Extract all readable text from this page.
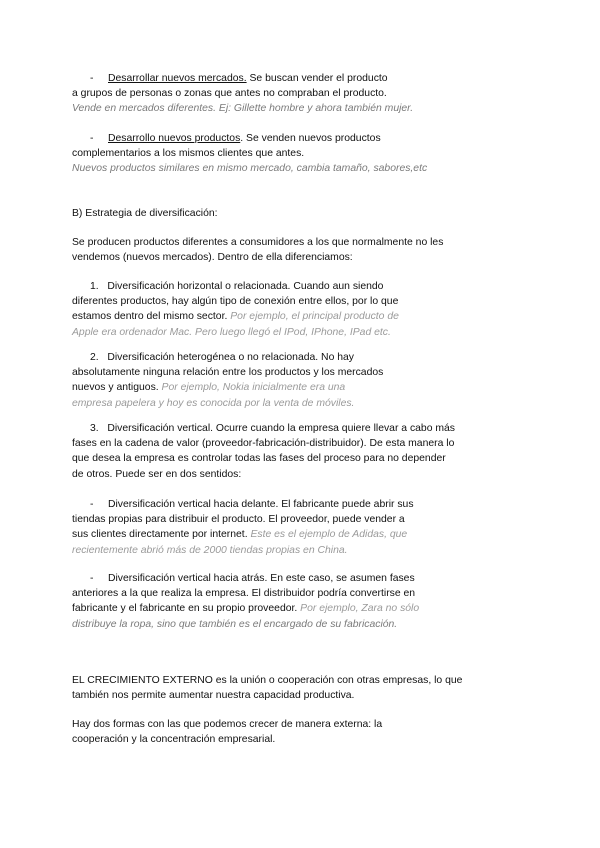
- Desarrollar nuevos mercados. Se buscan vender el producto
a grupos de personas o zonas que antes no compraban el producto.
Vende en mercados diferentes. Ej: Gillette hombre y ahora también mujer.
- Desarrollo nuevos productos. Se venden nuevos productos
complementarios a los mismos clientes que antes.
Nuevos productos similares en mismo mercado, cambia tamaño, sabores,etc
B) Estrategia de diversificación:
Se producen productos diferentes a consumidores a los que normalmente no les
vendemos (nuevos mercados). Dentro de ella diferenciamos:
1. Diversificación horizontal o relacionada. Cuando aun siendo
diferentes productos, hay algún tipo de conexión entre ellos, por lo que
estamos dentro del mismo sector. Por ejemplo, el principal producto de
Apple era ordenador Mac. Pero luego llegó el IPod, IPhone, IPad etc.
2. Diversificación heterogénea o no relacionada. No hay
absolutamente ninguna relación entre los productos y los mercados
nuevos y antiguos. Por ejemplo, Nokia inicialmente era una
empresa papelera y hoy es conocida por la venta de móviles.
3. Diversificación vertical. Ocurre cuando la empresa quiere llevar a cabo más
fases en la cadena de valor (proveedor-fabricación-distribuidor). De esta manera lo
que desea la empresa es controlar todas las fases del proceso para no depender
de otros. Puede ser en dos sentidos:
- Diversificación vertical hacia delante. El fabricante puede abrir sus
tiendas propias para distribuir el producto. El proveedor, puede vender a
sus clientes directamente por internet. Este es el ejemplo de Adidas, que
recientemente abrió más de 2000 tiendas propias en China.
- Diversificación vertical hacia atrás. En este caso, se asumen fases
anteriores a la que realiza la empresa. El distribuidor podría convertirse en
fabricante y el fabricante en su propio proveedor. Por ejemplo, Zara no sólo
distribuye la ropa, sino que también es el encargado de su fabricación.
EL CRECIMIENTO EXTERNO es la unión o cooperación con otras empresas, lo que
también nos permite aumentar nuestra capacidad productiva.
Hay dos formas con las que podemos crecer de manera externa: la
cooperación y la concentración empresarial.
